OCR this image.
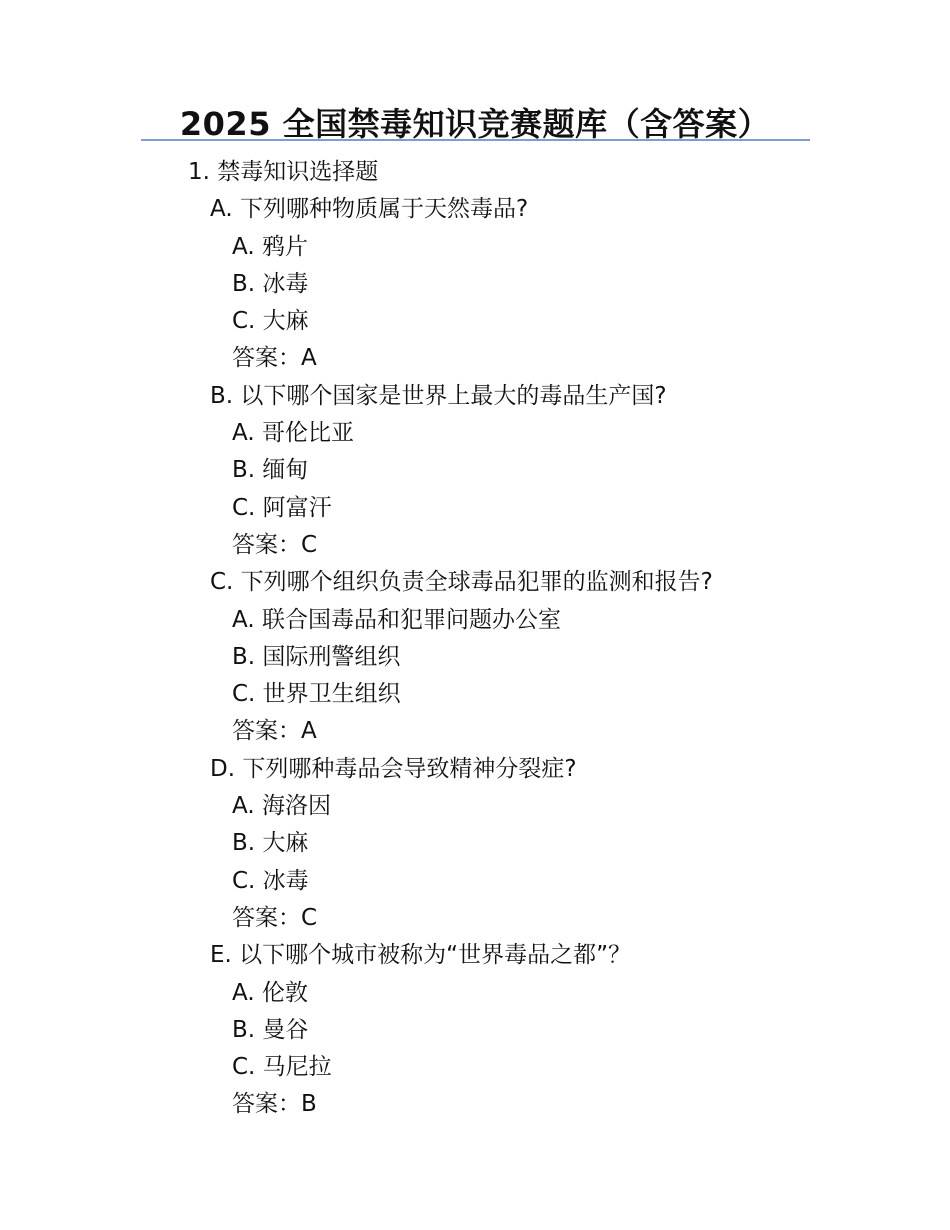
2025 全国禁毒知识竞赛题库（含答案）
1. 禁毒知识选择题
A. 下列哪种物质属于天然毒品?
A. 鸦片
B. 冰毒
C. 大麻
答案：A
B. 以下哪个国家是世界上最大的毒品生产国?
A. 哥伦比亚
B. 缅甸
C. 阿富汗
答案：C
C. 下列哪个组织负责全球毒品犯罪的监测和报告?
A. 联合国毒品和犯罪问题办公室
B. 国际刑警组织
C. 世界卫生组织
答案：A
D. 下列哪种毒品会导致精神分裂症?
A. 海洛因
B. 大麻
C. 冰毒
答案：C
E. 以下哪个城市被称为“世界毒品之都”？
A. 伦敦
B. 曼谷
C. 马尼拉
答案：B
